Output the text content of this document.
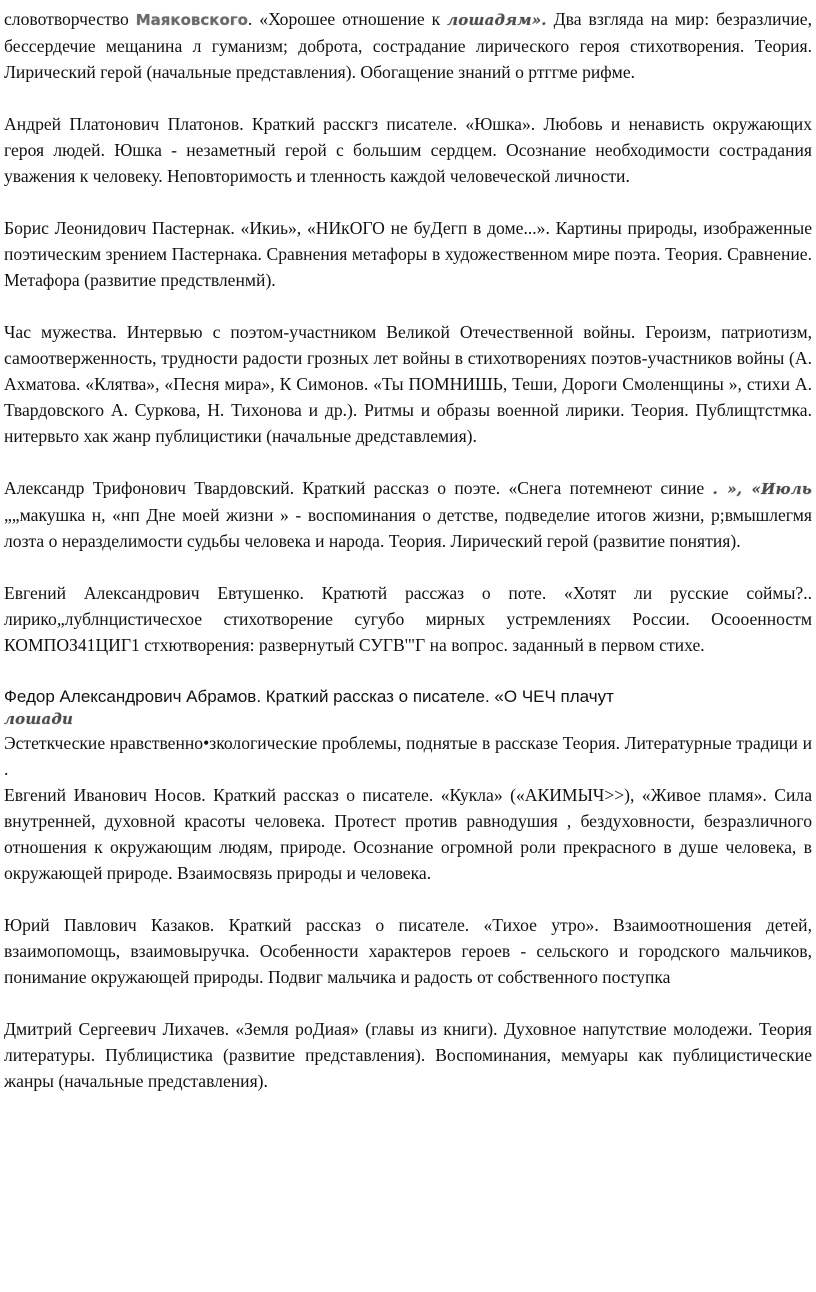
словотворчество Маяковского. «Хорошее отношение к лошадям». Два взгляда на мир: безразличие, бессердечие мещанина л гуманизм; доброта, сострадание лирического героя стихотворения. Теория. Лирический герой (начальные представления). Обогащение знаний о ртггме рифме.

Андрей Платонович Платонов. Краткий расскгз писателе. «Юшка». Любовь и ненависть окружающих героя людей. Юшка - незаметный герой с большим сердцем. Осознание необходимости сострадания уважения к человеку. Неповторимость и тленность каждой человеческой личности.

Борис Леонидович Пастернак. «Икиь», «НИкОГО не буДегп в доме...». Картины природы, изображенные поэтическим зрением Пастернака. Сравнения метафоры в художественном мире поэта. Теория. Сравнение. Метафора (развитие предствленмй).

Час мужества. Интервью с поэтом-участником Великой Отечественной войны. Героизм, патриотизм, самоотверженность, трудности радости грозных лет войны в стихотворениях поэтов-участников войны (А. Ахматова. «Клятва», «Песня мира», К Симонов. «Ты ПОМНИШЬ, Теши, Дороги Смоленщины », стихи А. Твардовского А. Суркова, Н. Тихонова и др.). Ритмы и образы военной лирики. Теория. Публищтстмка. нитервьто хак жанр публицистики (начальные дредставлемия).

Александр Трифонович Твардовский. Краткий рассказ о поэте. «Снега потемнеют синие . », «Июль „„макушка н, «нп Дне моей жизни » - воспоминания о детстве, подведелие итогов жизни, р;вмышлегмя лозта о неразделимости судьбы человека и народа. Теория. Лирический герой (развитие понятия).

Евгений Александрович Евтушенко. Кратютй рассжаз о поте. «Хотят ли русские соймы?.. лирико„лублнцистичесхое стихотворение сугубо мирных устремлениях России. Осооенностм КОМПОЗ41ЦИГ1 стхютворения: развернутый СУГВ'"Г на вопрос. заданный в первом стихе.

Федор Александрович Абрамов. Краткий рассказ о писателе. «О ЧЕЧ плачут
лошади

Эстеткческие нравственно•зкологические проблемы, поднятые в рассказе Теория. Литературные традици и .

Евгений Иванович Носов. Краткий рассказ о писателе. «Кукла» («АКИМЫЧ>>), «Живое пламя». Сила внутренней, духовной красоты человека. Протест против равнодушия , бездуховности, безразличного отношения к окружающим людям, природе. Осознание огромной роли прекрасного в душе человека, в окружающей природе. Взаимосвязь природы и человека.

Юрий Павлович Казаков. Краткий рассказ о писателе. «Тихое утро». Взаимоотношения детей, взаимопомощь, взаимовыручка. Особенности характеров героев - сельского и городского мальчиков, понимание окружающей природы. Подвиг мальчика и радость от собственного поступка

Дмитрий Сергеевич Лихачев. «Земля роДиая» (главы из книги). Духовное напутствие молодежи. Теория литературы. Публицистика (развитие представления). Воспоминания, мемуары как публицистические жанры (начальные представления).
